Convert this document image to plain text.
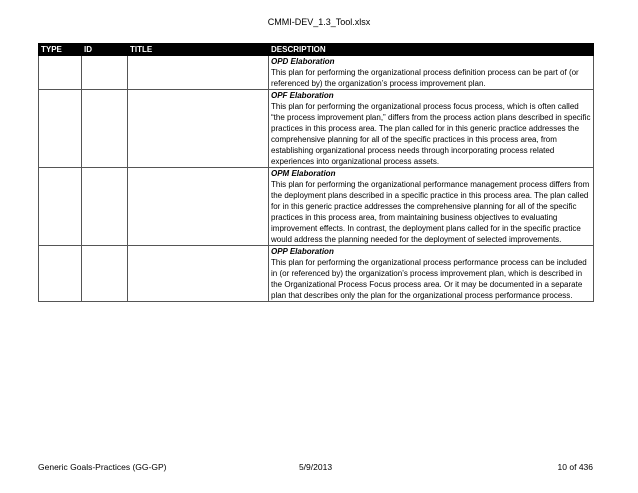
CMMI-DEV_1.3_Tool.xlsx
TYPE	ID	TITLE	DESCRIPTION

			OPD Elaboration
This plan for performing the organizational process definition process can be part of (or referenced by) the organization’s process improvement plan.

			OPF Elaboration
This plan for performing the organizational process focus process, which is often called “the process improvement plan,” differs from the process action plans described in specific practices in this process area. The plan called for in this generic practice addresses the comprehensive planning for all of the specific practices in this process area, from establishing organizational process needs through incorporating process related experiences into organizational process assets.

			OPM Elaboration
This plan for performing the organizational performance management process differs from the deployment plans described in a specific practice in this process area. The plan called for in this generic practice addresses the comprehensive planning for all of the specific practices in this process area, from maintaining business objectives to evaluating improvement effects. In contrast, the deployment plans called for in the specific practice would address the planning needed for the deployment of selected improvements.

			OPP Elaboration
This plan for performing the organizational process performance process can be included in (or referenced by) the organization’s process improvement plan, which is described in the Organizational Process Focus process area. Or it may be documented in a separate plan that describes only the plan for the organizational process performance process.
5/9/2013
Generic Goals-Practices (GG-GP)	10 of 436
